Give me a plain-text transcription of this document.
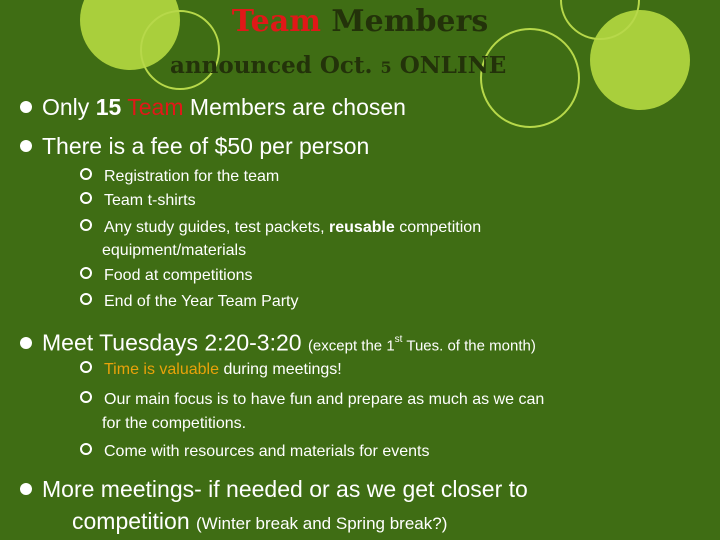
Team Members
announced Oct. 5 ONLINE
Only 15 Team Members are chosen
There is a fee of $50 per person
Registration for the team
Team t-shirts
Any study guides, test packets, reusable competition
equipment/materials
Food at competitions
End of the Year Team Party
Meet Tuesdays 2:20-3:20 (except the 1st Tues. of the month)
Time is valuable during meetings!
Our main focus is to have fun and prepare as much as we can
for the competitions.
Come with resources and materials for events
More meetings- if needed or as we get closer to
competition (Winter break and Spring break?)
